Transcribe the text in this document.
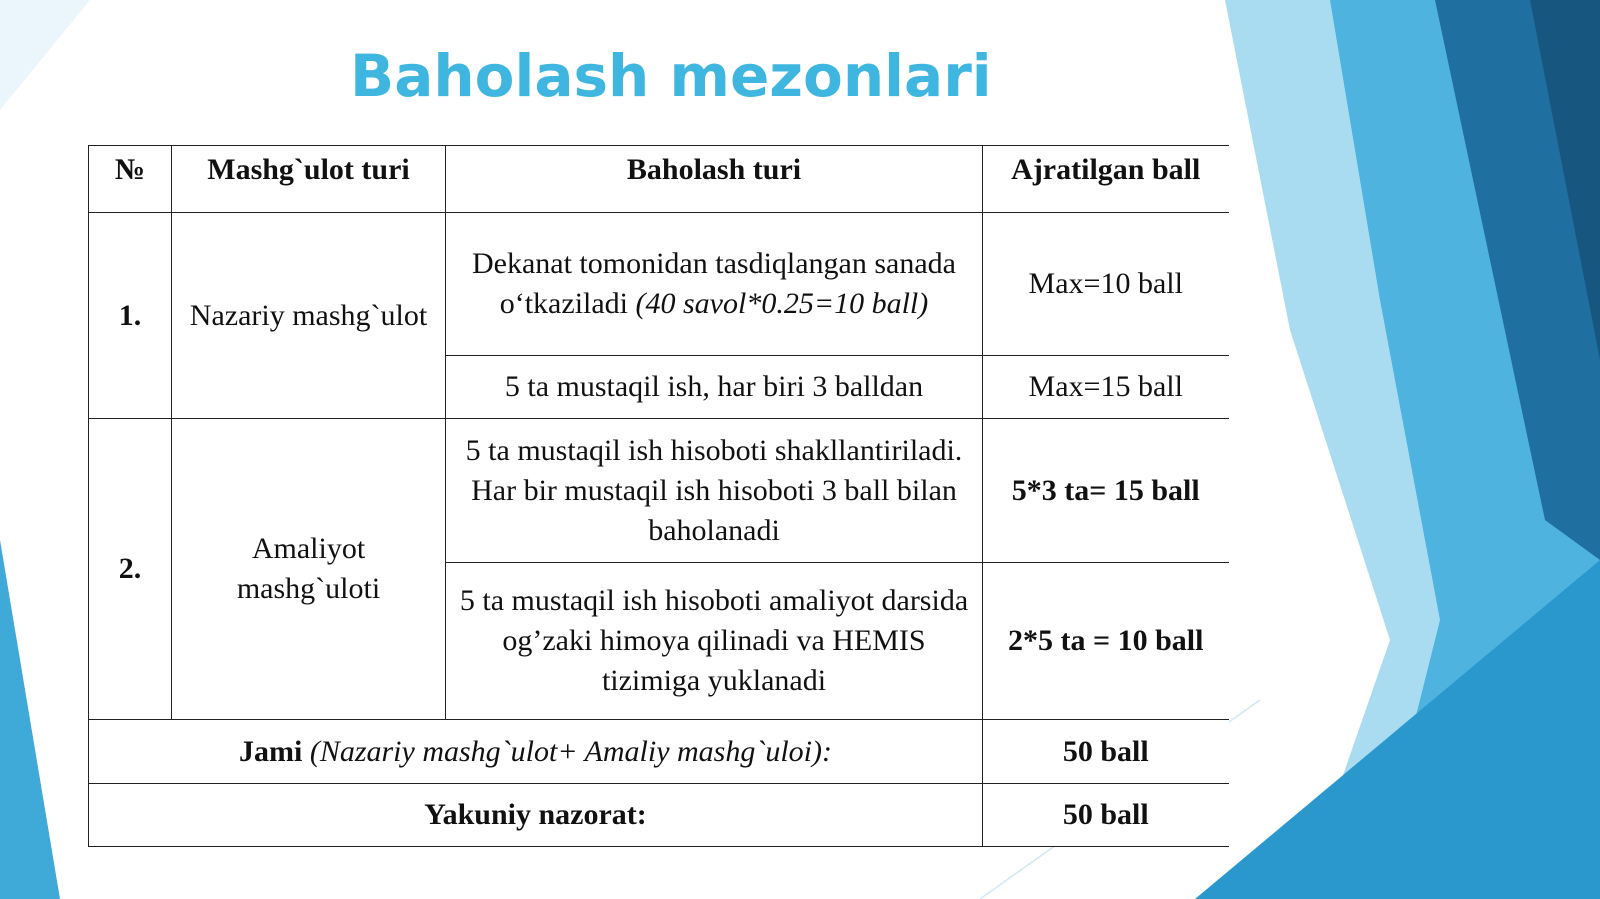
Baholash mezonlari
№	Mashg`ulot turi	Baholash turi	Ajratilgan ball
1.	Nazariy mashg`ulot	Dekanat tomonidan tasdiqlangan sanada o‘tkaziladi (40 savol*0.25=10 ball)	Max=10 ball
		5 ta mustaqil ish, har biri 3 balldan	Max=15 ball
2.	Amaliyot mashg`uloti	5 ta mustaqil ish hisoboti shakllantiriladi. Har bir mustaqil ish hisoboti 3 ball bilan baholanadi	5*3 ta= 15 ball
		5 ta mustaqil ish hisoboti amaliyot darsida og’zaki himoya qilinadi va HEMIS tizimiga yuklanadi	2*5 ta = 10 ball
Jami (Nazariy mashg`ulot+ Amaliy mashg`uloi):			50 ball
Yakuniy nazorat:			50 ball
